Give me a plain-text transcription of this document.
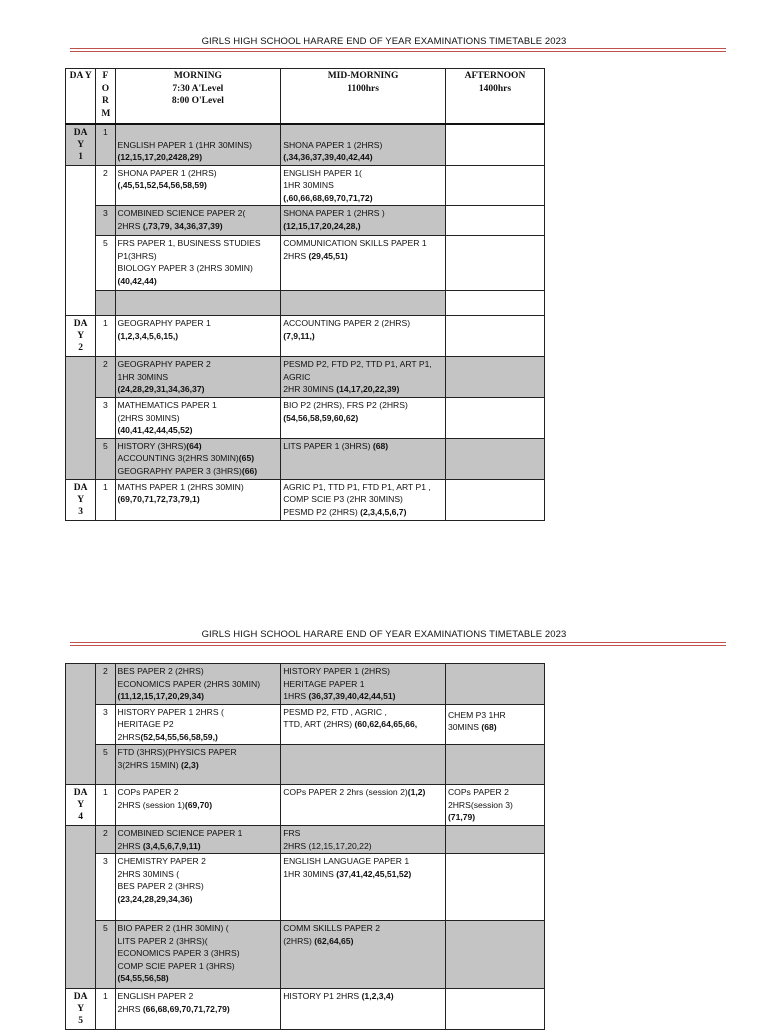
GIRLS HIGH SCHOOL HARARE END OF YEAR EXAMINATIONS TIMETABLE 2023
DA Y	FORM	MORNING
7:30 A'Level
8:00 O'Level	MID-MORNING
1100hrs	AFTERNOON
1400hrs

DA
Y
1	1	ENGLISH PAPER 1 (1HR 30MINS)
(12,15,17,20,2428,29)	SHONA PAPER 1 (2HRS)
(,34,36,37,39,40,42,44)	

	2	SHONA PAPER 1 (2HRS)
(,45,51,52,54,56,58,59)	ENGLISH PAPER 1(
1HR 30MINS
(,60,66,68,69,70,71,72)	

	3	COMBINED SCIENCE PAPER 2(
2HRS (,73,79, 34,36,37,39)	SHONA PAPER 1 (2HRS )
(12,15,17,20,24,28,)	

	5	FRS PAPER 1, BUSINESS STUDIES
P1(3HRS)
BIOLOGY PAPER 3 (2HRS 30MIN)
(40,42,44)	COMMUNICATION SKILLS PAPER 1
2HRS (29,45,51)	

DA
Y
2	1	GEOGRAPHY PAPER 1
(1,2,3,4,5,6,15,)	ACCOUNTING PAPER 2 (2HRS)
(7,9,11,)	

	2	GEOGRAPHY PAPER 2
1HR 30MINS
(24,28,29,31,34,36,37)	PESMD P2, FTD P2, TTD P1, ART P1,
AGRIC
2HR 30MINS (14,17,20,22,39)	

	3	MATHEMATICS PAPER 1
(2HRS 30MINS)
(40,41,42,44,45,52)	BIO P2 (2HRS), FRS P2 (2HRS)
(54,56,58,59,60,62)	

	5	HISTORY (3HRS)(64)
ACCOUNTING 3(2HRS 30MIN)(65)
GEOGRAPHY PAPER 3 (3HRS)(66)	LITS PAPER 1 (3HRS) (68)	

DA
Y
3	1	MATHS PAPER 1 (2HRS 30MIN)
(69,70,71,72,73,79,1)	AGRIC P1, TTD P1, FTD P1, ART P1 ,
COMP SCIE P3 (2HR 30MINS)
PESMD P2 (2HRS) (2,3,4,5,6,7)	

GIRLS HIGH SCHOOL HARARE END OF YEAR EXAMINATIONS TIMETABLE 2023
	2	BES PAPER 2 (2HRS)
ECONOMICS PAPER (2HRS 30MIN)
(11,12,15,17,20,29,34)	HISTORY PAPER 1 (2HRS)
HERITAGE PAPER 1
1HRS (36,37,39,40,42,44,51)	

	3	HISTORY PAPER 1 2HRS (
HERITAGE P2
2HRS(52,54,55,56,58,59,)	PESMD P2, FTD , AGRIC ,
TTD, ART (2HRS) (60,62,64,65,66,	CHEM P3 1HR
30MINS (68)

	5	FTD (3HRS)(PHYSICS PAPER
3(2HRS 15MIN) (2,3)		

DA
Y
4	1	COPs PAPER 2
2HRS (session 1)(69,70)	COPs PAPER 2 2hrs (session 2)(1,2)	COPs PAPER 2
2HRS(session 3)
(71,79)

	2	COMBINED SCIENCE PAPER 1
2HRS (3,4,5,6,7,9,11)	FRS
2HRS (12,15,17,20,22)	

	3	CHEMISTRY PAPER 2
2HRS 30MINS (
BES PAPER 2 (3HRS)
(23,24,28,29,34,36)	ENGLISH LANGUAGE PAPER 1
1HR 30MINS (37,41,42,45,51,52)	

	5	BIO PAPER 2 (1HR 30MIN) (
LITS PAPER 2 (3HRS)(
ECONOMICS PAPER 3 (3HRS)
COMP SCIE PAPER 1 (3HRS)
(54,55,56,58)	COMM SKILLS PAPER 2
(2HRS) (62,64,65)	

DA
Y
5	1	ENGLISH PAPER 2
2HRS (66,68,69,70,71,72,79)	HISTORY P1 2HRS (1,2,3,4)	
